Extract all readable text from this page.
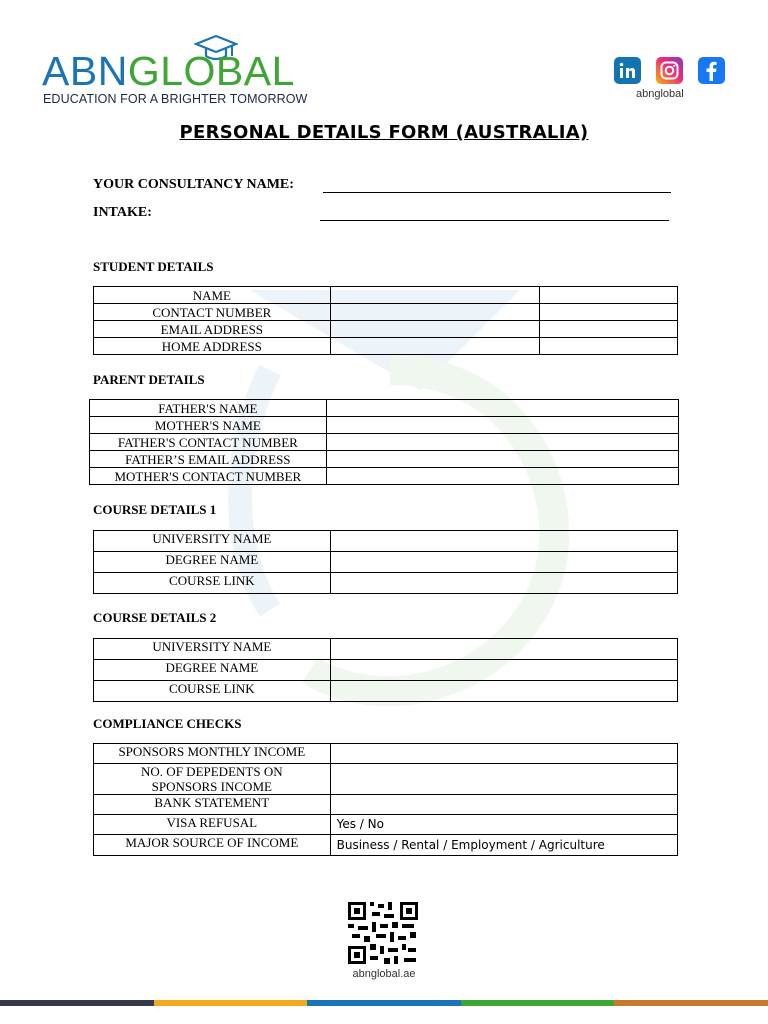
ABNGLOBAL
EDUCATION FOR A BRIGHTER TOMORROW	abnglobal
PERSONAL DETAILS FORM (AUSTRALIA)
YOUR CONSULTANCY NAME:
INTAKE:
STUDENT DETAILS
NAME		
CONTACT NUMBER		
EMAIL ADDRESS		
HOME ADDRESS		
PARENT DETAILS
FATHER'S NAME	
MOTHER'S NAME	
FATHER'S CONTACT NUMBER	
FATHER’S EMAIL ADDRESS	
MOTHER'S CONTACT NUMBER	
COURSE DETAILS 1
UNIVERSITY NAME	
DEGREE NAME	
COURSE LINK	
COURSE DETAILS 2
UNIVERSITY NAME	
DEGREE NAME	
COURSE LINK	
COMPLIANCE CHECKS
SPONSORS MONTHLY INCOME	
NO. OF DEPEDENTS ON
SPONSORS INCOME	
BANK STATEMENT	
VISA REFUSAL	Yes / No
MAJOR SOURCE OF INCOME	Business / Rental / Employment / Agriculture
abnglobal.ae
